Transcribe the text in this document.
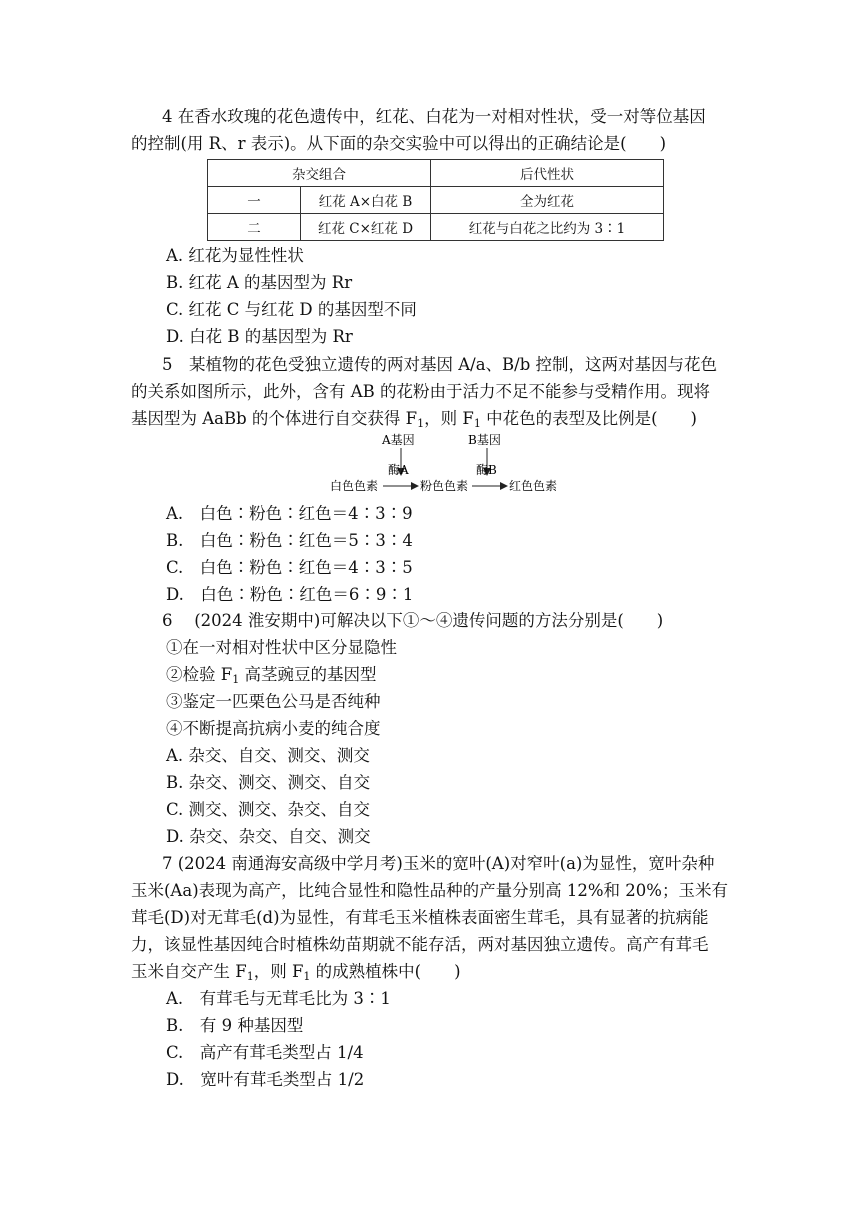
4 在香水玫瑰的花色遗传中，红花、白花为一对相对性状，受一对等位基因
的控制(用 R、r 表示)。从下面的杂交实验中可以得出的正确结论是(　　)
杂交组合		后代性状
一	红花 A×白花 B	全为红花
二	红花 C×红花 D	红花与白花之比约为 3∶1
A. 红花为显性性状
B. 红花 A 的基因型为 Rr
C. 红花 C 与红花 D 的基因型不同
D. 白花 B 的基因型为 Rr
5　某植物的花色受独立遗传的两对基因 A/a、B/b 控制，这两对基因与花色
的关系如图所示，此外，含有 AB 的花粉由于活力不足不能参与受精作用。现将
基因型为 AaBb 的个体进行自交获得 $F_1$，则 $F_1$ 中花色的表型及比例是(　　)
A基因	B基因
酶A	酶B
白色色素	粉色色素	红色色素
A.　白色∶粉色∶红色＝4∶3∶9
B.　白色∶粉色∶红色＝5∶3∶4
C.　白色∶粉色∶红色＝4∶3∶5
D.　白色∶粉色∶红色＝6∶9∶1
6　 (2024 淮安期中)可解决以下①～④遗传问题的方法分别是(　　)
①在一对相对性状中区分显隐性
②检验 $F_1$ 高茎豌豆的基因型
③鉴定一匹栗色公马是否纯种
④不断提高抗病小麦的纯合度
A. 杂交、自交、测交、测交
B. 杂交、测交、测交、自交
C. 测交、测交、杂交、自交
D. 杂交、杂交、自交、测交
7 (2024 南通海安高级中学月考)玉米的宽叶(A)对窄叶(a)为显性，宽叶杂种
玉米(Aa)表现为高产，比纯合显性和隐性品种的产量分别高 12%和 20%；玉米有
茸毛(D)对无茸毛(d)为显性，有茸毛玉米植株表面密生茸毛，具有显著的抗病能
力，该显性基因纯合时植株幼苗期就不能存活，两对基因独立遗传。高产有茸毛
玉米自交产生 $F_1$，则 $F_1$ 的成熟植株中(　　)
A.　有茸毛与无茸毛比为 3∶1
B.　有 9 种基因型
C.　高产有茸毛类型占 1/4
D.　宽叶有茸毛类型占 1/2
